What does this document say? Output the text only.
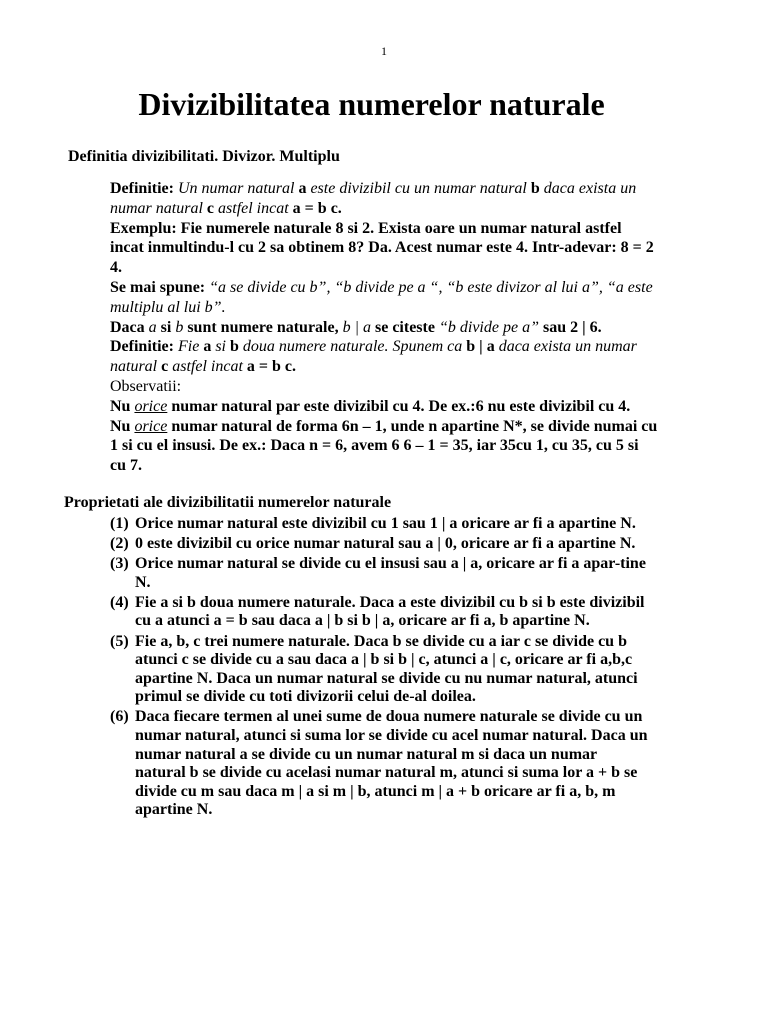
1
Divizibilitatea numerelor naturale
Definitia divizibilitati. Divizor. Multiplu

Definitie: Un numar natural a este divizibil cu un numar natural b daca exista un numar natural c astfel incat a = b c.

Exemplu: Fie numerele naturale 8 si 2. Exista oare un numar natural astfel incat inmultindu-l cu 2 sa obtinem 8? Da. Acest numar este 4. Intr-adevar: 8 = 2 4.

Se mai spune: “a se divide cu b”, “b divide pe a “, “b este divizor al lui a”, “a este multiplu al lui b”.

Daca a si b sunt numere naturale, b | a se citeste “b divide pe a” sau 2 | 6.

Definitie: Fie a si b doua numere naturale. Spunem ca b | a daca exista un numar natural c astfel incat a = b c.

Observatii:

Nu orice numar natural par este divizibil cu 4. De ex.:6 nu este divizibil cu 4.

Nu orice numar natural de forma 6n – 1, unde n apartine N*, se divide numai cu 1 si cu el insusi. De ex.: Daca n = 6, avem 6 6 – 1 = 35, iar 35cu 1, cu 35, cu 5 si cu 7.

Proprietati ale divizibilitatii numerelor naturale
(1) Orice numar natural este divizibil cu 1 sau 1 | a oricare ar fi a apartine N.
(2) 0 este divizibil cu orice numar natural sau a | 0, oricare ar fi a apartine N.
(3) Orice numar natural se divide cu el insusi sau a | a, oricare ar fi a apar-tine N.
(4) Fie a si b doua numere naturale. Daca a este divizibil cu b si b este divizibil cu a atunci a = b sau daca a | b si b | a, oricare ar fi a, b apartine N.
(5) Fie a, b, c trei numere naturale. Daca b se divide cu a iar c se divide cu b atunci c se divide cu a sau daca a | b si b | c, atunci a | c, oricare ar fi a,b,c apartine N. Daca un numar natural se divide cu nu numar natural, atunci primul se divide cu toti divizorii celui de-al doilea.
(6) Daca fiecare termen al unei sume de doua numere naturale se divide cu un numar natural, atunci si suma lor se divide cu acel numar natural. Daca un numar natural a se divide cu un numar natural m si daca un numar natural b se divide cu acelasi numar natural m, atunci si suma lor a + b se divide cu m sau daca m | a si m | b, atunci m | a + b oricare ar fi a, b, m apartine N.
